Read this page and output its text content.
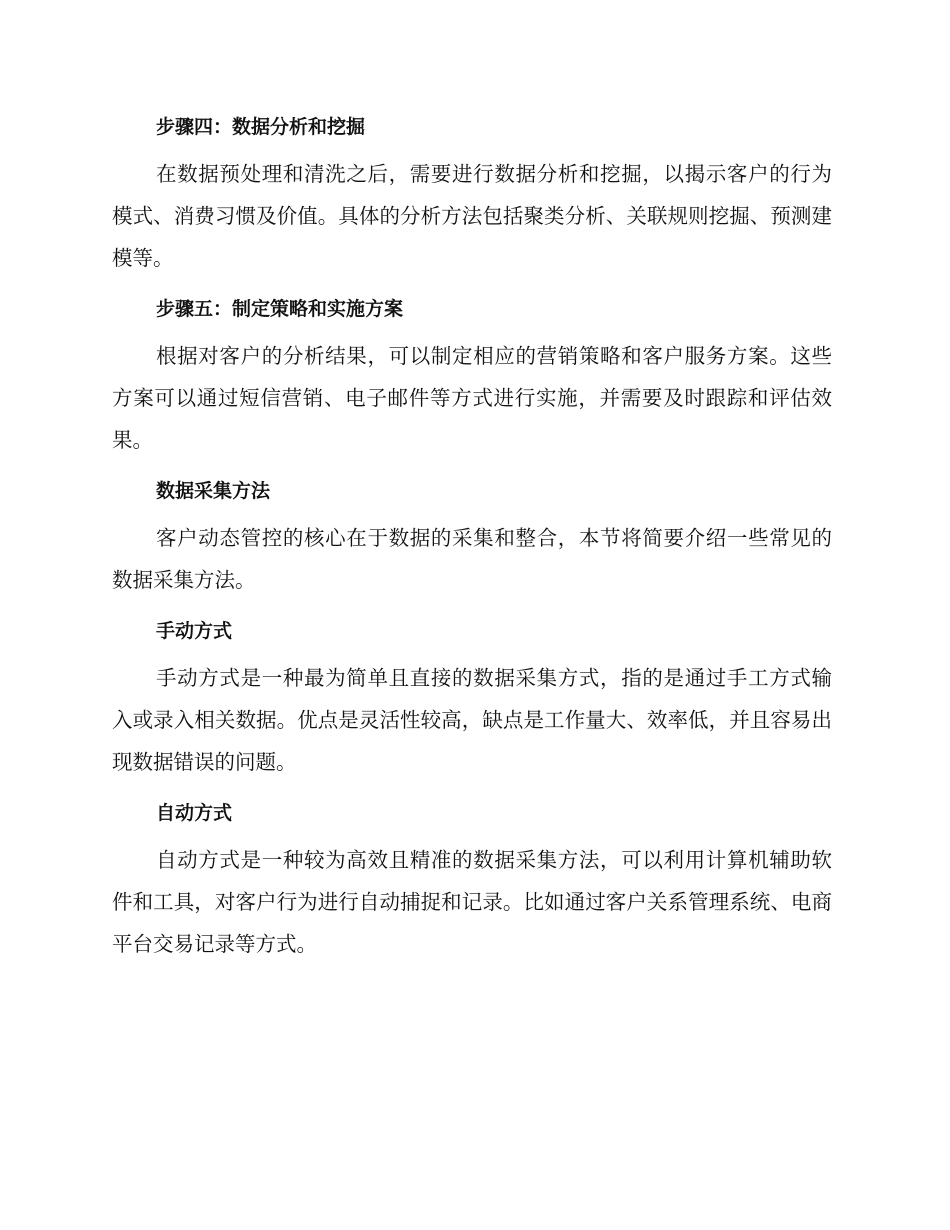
步骤四：数据分析和挖掘

在数据预处理和清洗之后，需要进行数据分析和挖掘，以揭示客户的行为模式、消费习惯及价值。具体的分析方法包括聚类分析、关联规则挖掘、预测建模等。

步骤五：制定策略和实施方案

根据对客户的分析结果，可以制定相应的营销策略和客户服务方案。这些方案可以通过短信营销、电子邮件等方式进行实施，并需要及时跟踪和评估效果。

数据采集方法

客户动态管控的核心在于数据的采集和整合，本节将简要介绍一些常见的数据采集方法。

手动方式

手动方式是一种最为简单且直接的数据采集方式，指的是通过手工方式输入或录入相关数据。优点是灵活性较高，缺点是工作量大、效率低，并且容易出现数据错误的问题。

自动方式

自动方式是一种较为高效且精准的数据采集方法，可以利用计算机辅助软件和工具，对客户行为进行自动捕捉和记录。比如通过客户关系管理系统、电商平台交易记录等方式。
